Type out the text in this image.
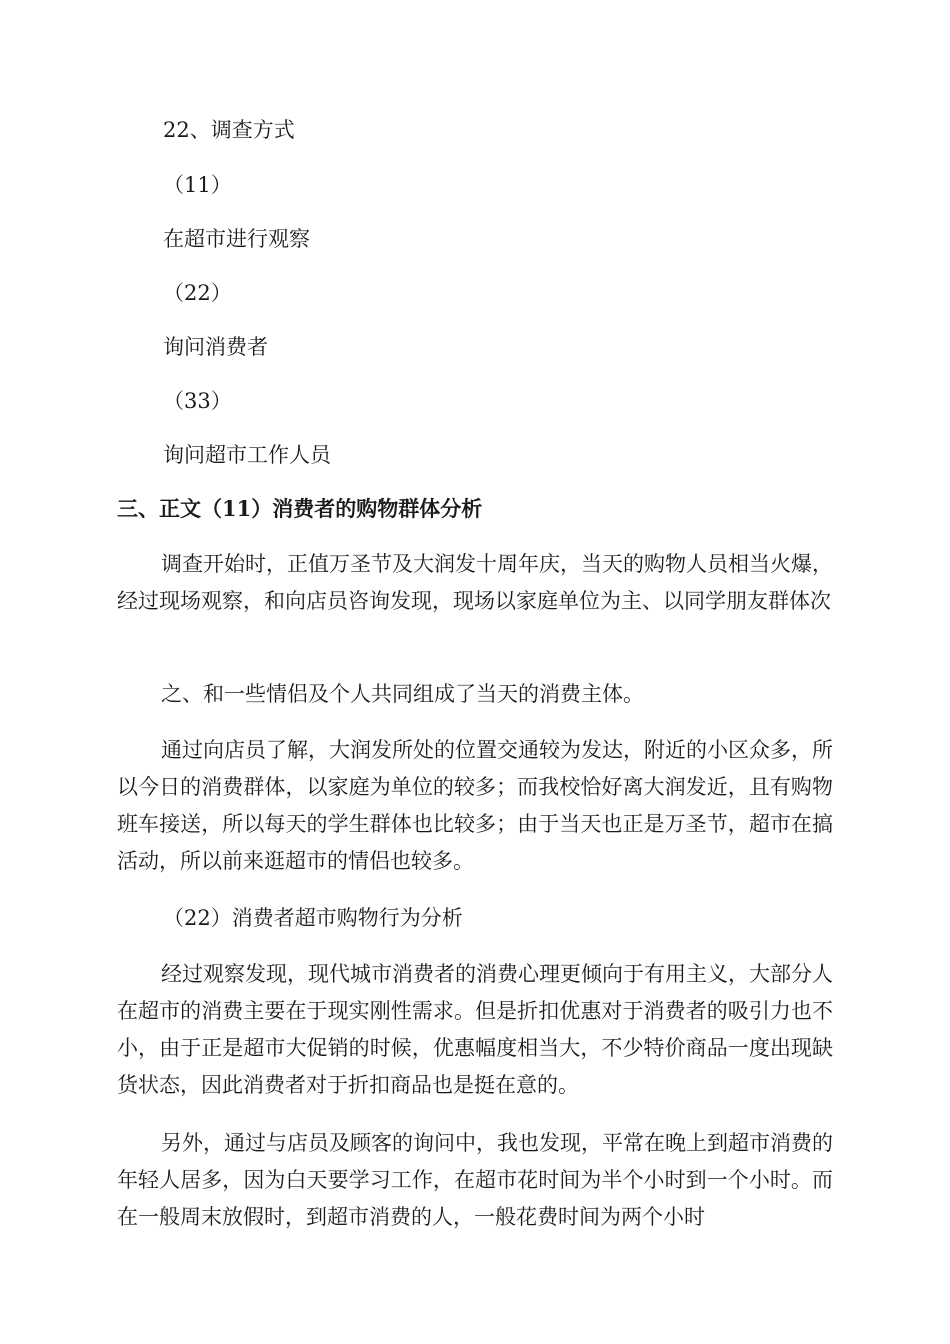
22、调查方式
（11）
在超市进行观察
（22）
询问消费者
（33）
询问超市工作人员
三、正文（11）消费者的购物群体分析

调查开始时，正值万圣节及大润发十周年庆，当天的购物人员相当火爆，经过现场观察，和向店员咨询发现，现场以家庭单位为主、以同学朋友群体次

之、和一些情侣及个人共同组成了当天的消费主体。

通过向店员了解，大润发所处的位置交通较为发达，附近的小区众多，所以今日的消费群体，以家庭为单位的较多；而我校恰好离大润发近，且有购物班车接送，所以每天的学生群体也比较多；由于当天也正是万圣节，超市在搞活动，所以前来逛超市的情侣也较多。

（22）消费者超市购物行为分析

经过观察发现，现代城市消费者的消费心理更倾向于有用主义，大部分人在超市的消费主要在于现实刚性需求。但是折扣优惠对于消费者的吸引力也不小，由于正是超市大促销的时候，优惠幅度相当大，不少特价商品一度出现缺货状态，因此消费者对于折扣商品也是挺在意的。

另外，通过与店员及顾客的询问中，我也发现，平常在晚上到超市消费的年轻人居多，因为白天要学习工作，在超市花时间为半个小时到一个小时。而在一般周末放假时，到超市消费的人，一般花费时间为两个小时
